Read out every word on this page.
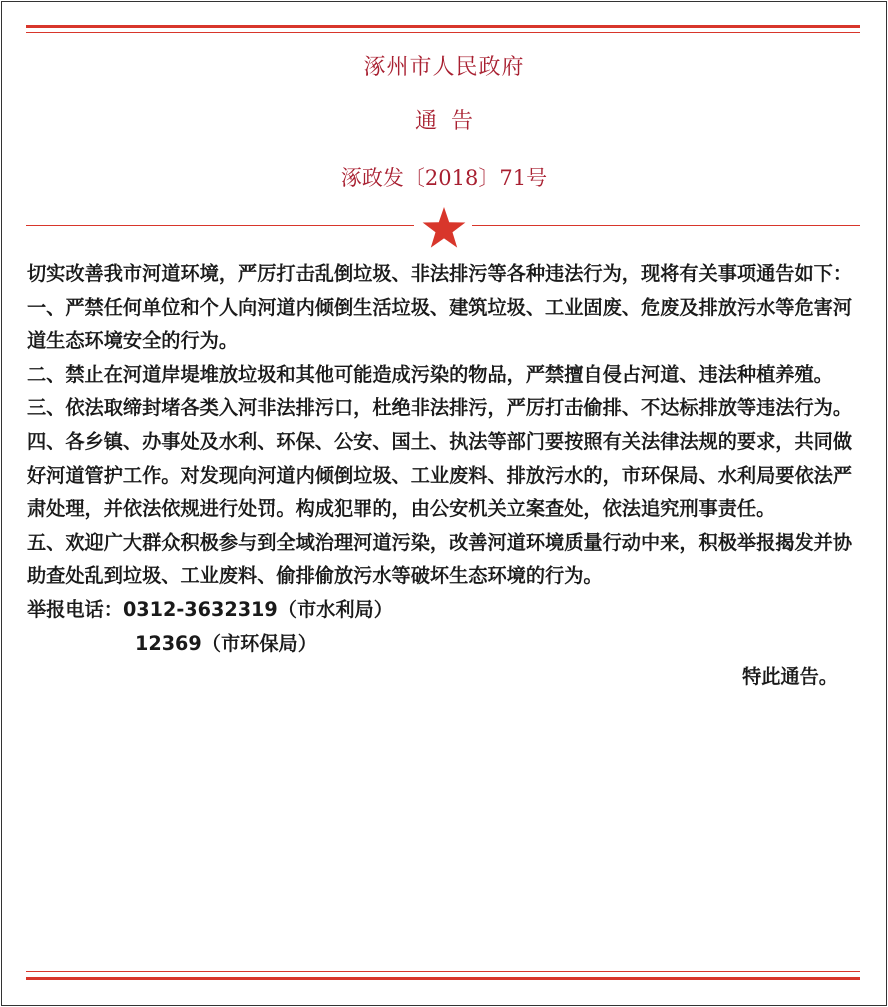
涿州市人民政府
通  告
涿政发〔2018〕71号

切实改善我市河道环境，严厉打击乱倒垃圾、非法排污等各种违法行为，现将有关事项通告如下：

一、严禁任何单位和个人向河道内倾倒生活垃圾、建筑垃圾、工业固废、危废及排放污水等危害河道生态环境安全的行为。

二、禁止在河道岸堤堆放垃圾和其他可能造成污染的物品，严禁擅自侵占河道、违法种植养殖。

三、依法取缔封堵各类入河非法排污口，杜绝非法排污，严厉打击偷排、不达标排放等违法行为。

四、各乡镇、办事处及水利、环保、公安、国土、执法等部门要按照有关法律法规的要求，共同做好河道管护工作。对发现向河道内倾倒垃圾、工业废料、排放污水的，市环保局、水利局要依法严肃处理，并依法依规进行处罚。构成犯罪的，由公安机关立案查处，依法追究刑事责任。

五、欢迎广大群众积极参与到全域治理河道污染，改善河道环境质量行动中来，积极举报揭发并协助查处乱到垃圾、工业废料、偷排偷放污水等破坏生态环境的行为。

举报电话：0312-3632319（市水利局）

12369（市环保局）

特此通告。
